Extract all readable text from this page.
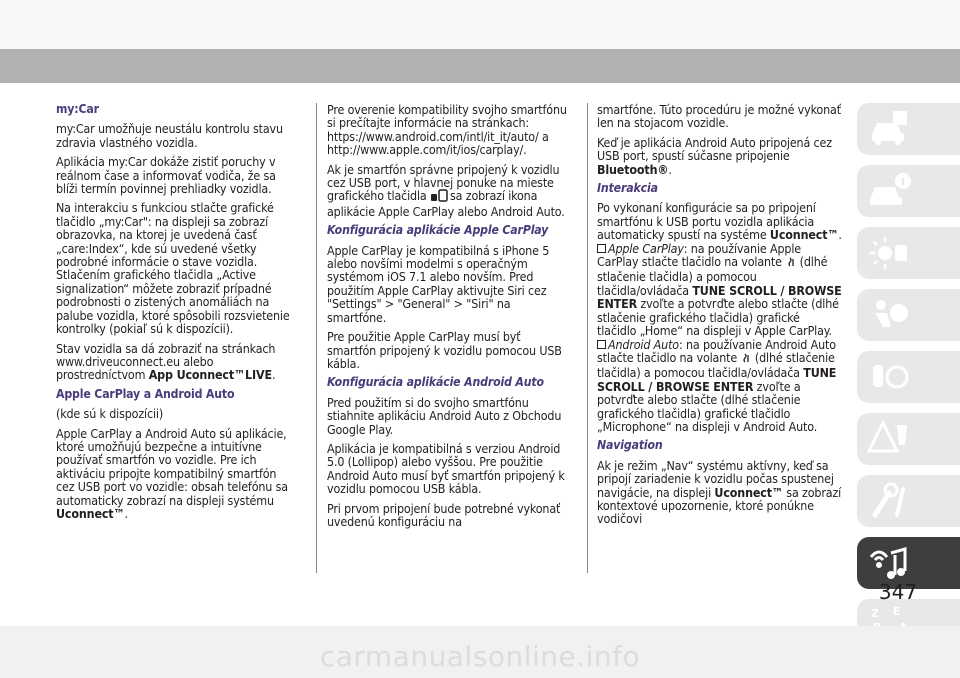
my:Car

my:Car umožňuje neustálu kontrolu stavu zdravia vlastného vozidla.

Aplikácia my:Car dokáže zistiť poruchy v reálnom čase a informovať vodiča, že sa blíži termín povinnej prehliadky vozidla.

Na interakciu s funkciou stlačte grafické tlačidlo „my:Car": na displeji sa zobrazí obrazovka, na ktorej je uvedená časť „care:Index“, kde sú uvedené všetky podrobné informácie o stave vozidla. Stlačením grafického tlačidla „Active signalization“ môžete zobraziť prípadné podrobnosti o zistených anomáliách na palube vozidla, ktoré spôsobili rozsvietenie kontrolky (pokiaľ sú k dispozícii).

Stav vozidla sa dá zobraziť na stránkach www.driveuconnect.eu alebo prostredníctvom App Uconnect™LIVE.

Apple CarPlay a Android Auto

(kde sú k dispozícii)

Apple CarPlay a Android Auto sú aplikácie, ktoré umožňujú bezpečne a intuitívne používať smartfón vo vozidle. Pre ich aktiváciu pripojte kompatibilný smartfón cez USB port vo vozidle: obsah telefónu sa automaticky zobrazí na displeji systému Uconnect™.

Pre overenie kompatibility svojho smartfónu si prečítajte informácie na stránkach: https://www.android.com/intl/it_it/auto/ a http://www.apple.com/it/ios/carplay/.

Ak je smartfón správne pripojený k vozidlu cez USB port, v hlavnej ponuke na mieste grafického tlačidla sa zobrazí ikona aplikácie Apple CarPlay alebo Android Auto.

Konfigurácia aplikácie Apple CarPlay

Apple CarPlay je kompatibilná s iPhone 5 alebo novšími modelmi s operačným systémom iOS 7.1 alebo novším. Pred použitím Apple CarPlay aktivujte Siri cez "Settings" > "General" > "Siri" na smartfóne.

Pre použitie Apple CarPlay musí byť smartfón pripojený k vozidlu pomocou USB kábla.

Konfigurácia aplikácie Android Auto

Pred použitím si do svojho smartfónu stiahnite aplikáciu Android Auto z Obchodu Google Play.

Aplikácia je kompatibilná s verziou Android 5.0 (Lollipop) alebo vyššou. Pre použitie Android Auto musí byť smartfón pripojený k vozidlu pomocou USB kábla.

Pri prvom pripojení bude potrebné vykonať uvedenú konfiguráciu na

smartfóne. Túto procedúru je možné vykonať len na stojacom vozidle.

Keď je aplikácia Android Auto pripojená cez USB port, spustí súčasne pripojenie Bluetooth®.

Interakcia

Po vykonaní konfigurácie sa po pripojení smartfónu k USB portu vozidla aplikácia automaticky spustí na systéme Uconnect™.

Apple CarPlay: na používanie Apple CarPlay stlačte tlačidlo na volante  (dlhé stlačenie tlačidla) a pomocou tlačidla/ovládača TUNE SCROLL / BROWSE ENTER zvoľte a potvrďte alebo stlačte (dlhé stlačenie grafického tlačidla) grafické tlačidlo „Home“ na displeji v Apple CarPlay.

Android Auto: na používanie Android Auto stlačte tlačidlo na volante  (dlhé stlačenie tlačidla) a pomocou tlačidla/ovládača TUNE SCROLL / BROWSE ENTER zvoľte a potvrďte alebo stlačte (dlhé stlačenie grafického tlačidla) grafické tlačidlo „Microphone“ na displeji v Android Auto.

Navigation

Ak je režim „Nav“ systému aktívny, keď sa pripojí zariadenie k vozidlu počas spustenej navigácie, na displeji Uconnect™ sa zobrazí kontextové upozornenie, ktoré ponúkne vodičovi

Z E
347
carmanualsonline.info
